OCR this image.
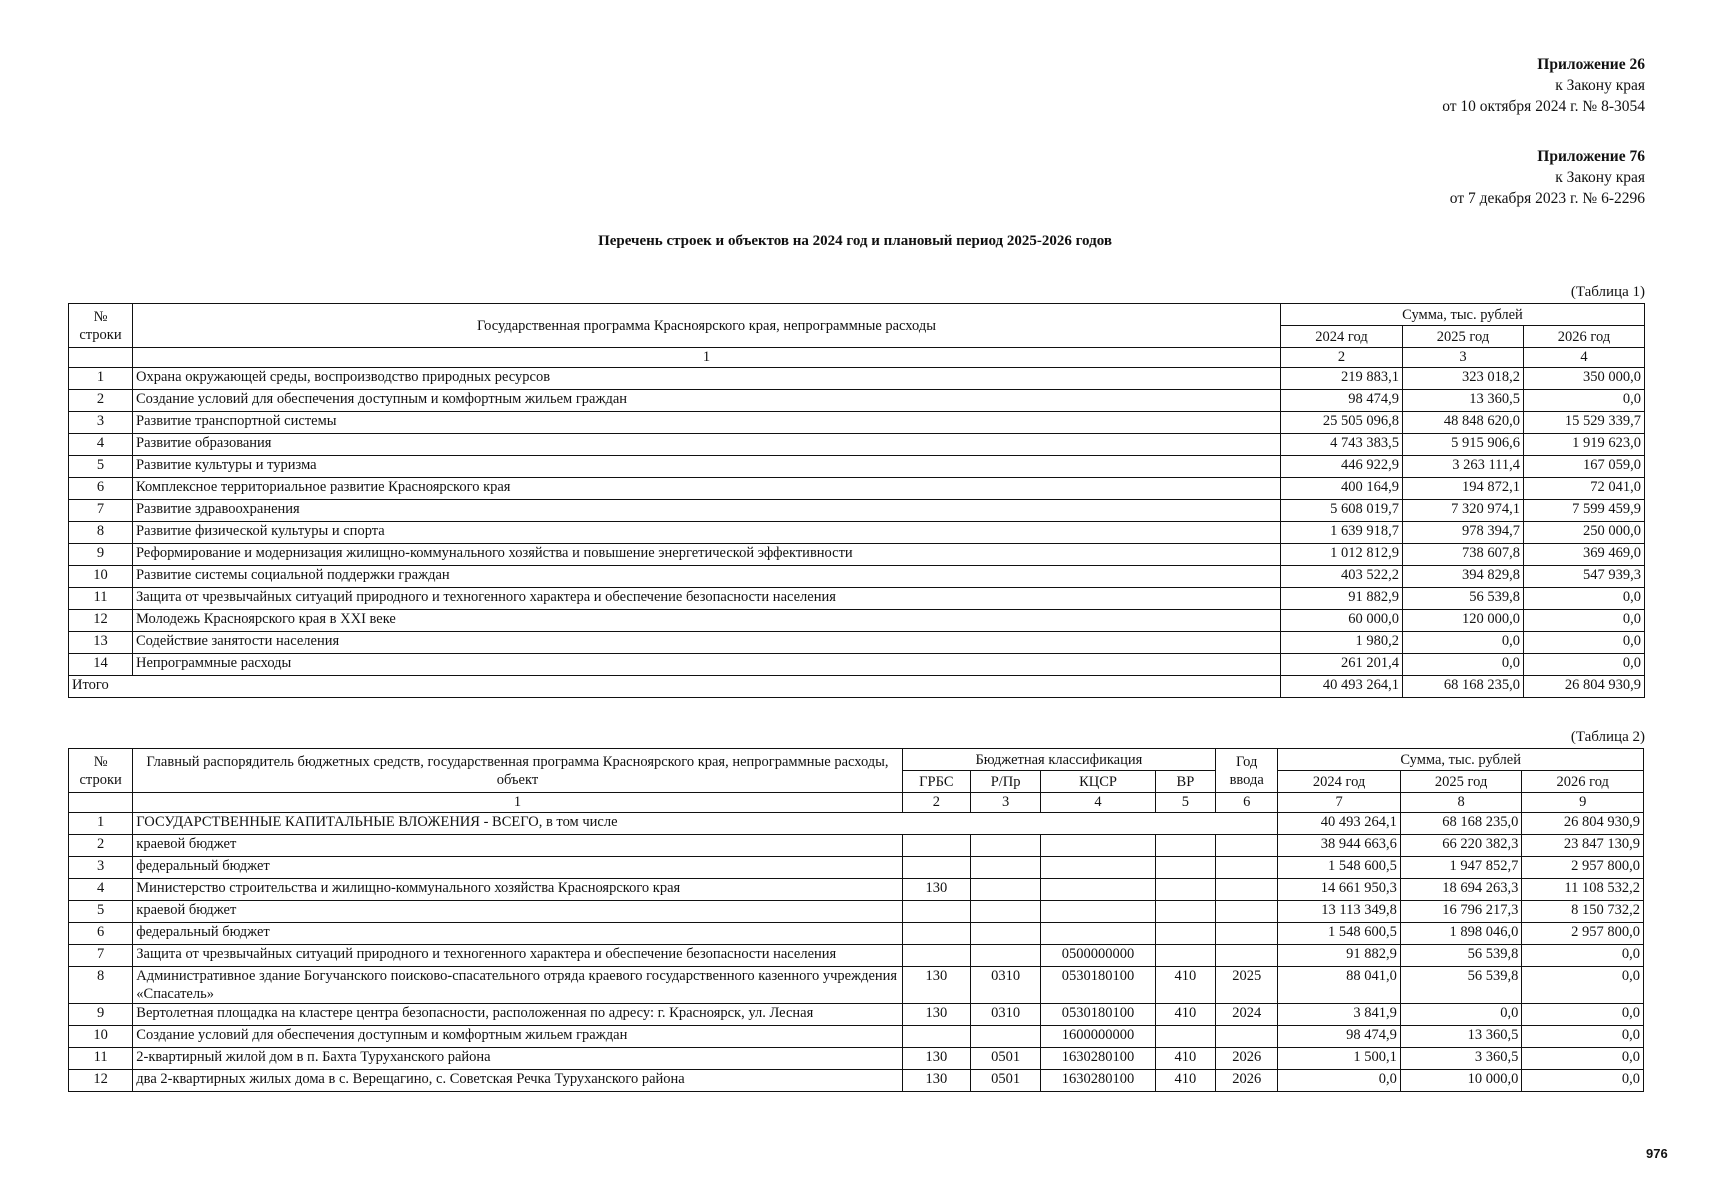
Приложение 26
к Закону края
от 10 октября 2024 г. № 8-3054
Приложение 76
к Закону края
от 7 декабря 2023 г. № 6-2296
Перечень строек и объектов на 2024 год и плановый период 2025-2026 годов
(Таблица 1)
№ строки	Государственная программа Красноярского края, непрограммные расходы	Сумма, тыс. рублей		
		2024 год	2025 год	2026 год
	1	2	3	4
1	Охрана окружающей среды, воспроизводство природных ресурсов	219 883,1	323 018,2	350 000,0
2	Создание условий для обеспечения доступным и комфортным жильем граждан	98 474,9	13 360,5	0,0
3	Развитие транспортной системы	25 505 096,8	48 848 620,0	15 529 339,7
4	Развитие образования	4 743 383,5	5 915 906,6	1 919 623,0
5	Развитие культуры и туризма	446 922,9	3 263 111,4	167 059,0
6	Комплексное территориальное развитие Красноярского края	400 164,9	194 872,1	72 041,0
7	Развитие здравоохранения	5 608 019,7	7 320 974,1	7 599 459,9
8	Развитие физической культуры и спорта	1 639 918,7	978 394,7	250 000,0
9	Реформирование и модернизация жилищно-коммунального хозяйства и повышение энергетической эффективности	1 012 812,9	738 607,8	369 469,0
10	Развитие системы социальной поддержки граждан	403 522,2	394 829,8	547 939,3
11	Защита от чрезвычайных ситуаций природного и техногенного характера и обеспечение безопасности населения	91 882,9	56 539,8	0,0
12	Молодежь Красноярского края в XXI веке	60 000,0	120 000,0	0,0
13	Содействие занятости населения	1 980,2	0,0	0,0
14	Непрограммные расходы	261 201,4	0,0	0,0
Итого		40 493 264,1	68 168 235,0	26 804 930,9
(Таблица 2)
№ строки	Главный распорядитель бюджетных средств, государственная программа Красноярского края, непрограммные расходы, объект	Бюджетная классификация				Год ввода	Сумма, тыс. рублей		
		ГРБС	Р/Пр	КЦСР	ВР		2024 год	2025 год	2026 год
	1	2	3	4	5	6	7	8	9
1	ГОСУДАРСТВЕННЫЕ КАПИТАЛЬНЫЕ ВЛОЖЕНИЯ - ВСЕГО, в том числе						40 493 264,1	68 168 235,0	26 804 930,9
2	краевой бюджет						38 944 663,6	66 220 382,3	23 847 130,9
3	федеральный бюджет						1 548 600,5	1 947 852,7	2 957 800,0
4	Министерство строительства и жилищно-коммунального хозяйства Красноярского края	130					14 661 950,3	18 694 263,3	11 108 532,2
5	краевой бюджет						13 113 349,8	16 796 217,3	8 150 732,2
6	федеральный бюджет						1 548 600,5	1 898 046,0	2 957 800,0
7	Защита от чрезвычайных ситуаций природного и техногенного характера и обеспечение безопасности населения			0500000000			91 882,9	56 539,8	0,0
8	Административное здание Богучанского поисково-спасательного отряда краевого государственного казенного учреждения «Спасатель»	130	0310	0530180100	410	2025	88 041,0	56 539,8	0,0
9	Вертолетная площадка на кластере центра безопасности, расположенная по адресу: г. Красноярск, ул. Лесная	130	0310	0530180100	410	2024	3 841,9	0,0	0,0
10	Создание условий для обеспечения доступным и комфортным жильем граждан			1600000000			98 474,9	13 360,5	0,0
11	2-квартирный жилой дом в п. Бахта Туруханского района	130	0501	1630280100	410	2026	1 500,1	3 360,5	0,0
12	два 2-квартирных жилых дома в с. Верещагино, с. Советская Речка Туруханского района	130	0501	1630280100	410	2026	0,0	10 000,0	0,0
976
